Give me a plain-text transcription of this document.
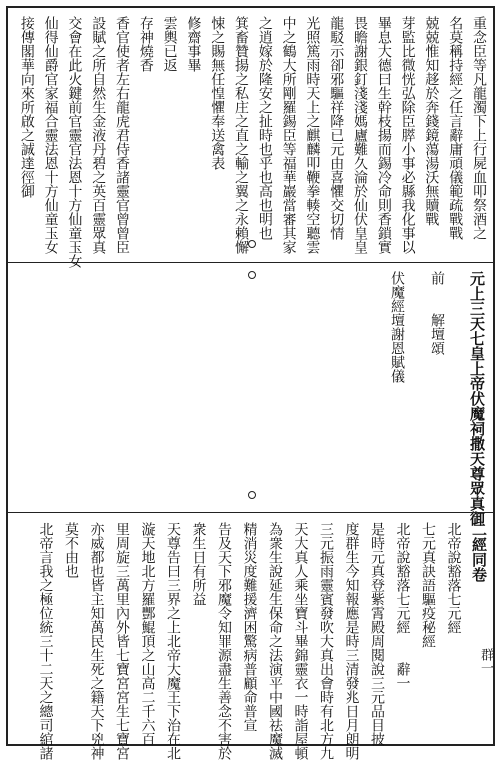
重念臣等凡龍濁下上行屍血叩祭酒之
名莫稱持經之任言辭庸頑儀範疏戰戰
兢兢惟知趍於奔錢鏡蕩湯沃無贖戰
芽監比微恍弘除臣膵小事必縣我化事以
畢息大德曰生幹枝揚而錫冷命則香鎖實
畏瞻謝銀釘淺淺媽廬難久淪於仙伏皇皇
龍駁示卻邪驅祥降已元由喜懼交切情
光照篤雨時天上之麒麟叩鞭拳輳空聽雲
中之鶴大所剛羅錫臣等福華巖當審其家
之逍嫁於隆安之扯時也乎也高也明也
箕畜贊揚之私庄之直之輸之翼之永賴懈
悚之賜無任惶懼奉送禽表
修齋事畢
雲輿已返
存神燒香
香官使者左右龍虎君侍香諸靈官曾曾臣
設賦之所自然生金液丹碧之英百靈眾真
交會在此火鍵前官靈官法恩十方仙童玉女
仙得仙爵官家福合靈法恩十方仙童玉女
接傳閣華向來所啟之誠達徑御
元上三天七皇上帝伏魔祠撒天尊眾真御
前　　解壇頌
伏魔經壇謝恩賦儀
二經同卷
北帝說豁落七元經
七元真訣語驅疫秘經
北帝說豁落七元經　　辭一
是時元真登紫霄殿周閱說三元品目披
度群生今知報應是時三清發兆日月朗明
三元振雨靈賓發吹大真出會時有北方九
天大真人乘坐寶斗畢錦靈衣一時詣屋頓
為衆生說延生保命之法演平中國祛魔滅
精消災度難援濟困驚病普顧命普宣
告及天下邪魔令知罪源盡生善念不害於
衆生日有所益
天尊告曰三界之上北帝大魔王下治在北
漩天地北方羅酆鯤頂之山高二千六百
里周旋三萬里內外皆七寶宮宮生七寶宮
亦威都也皆主知萬民生死之籍天下兇神
莫不由也
北帝言我之極位統三十二天之總司綰諸	群一
